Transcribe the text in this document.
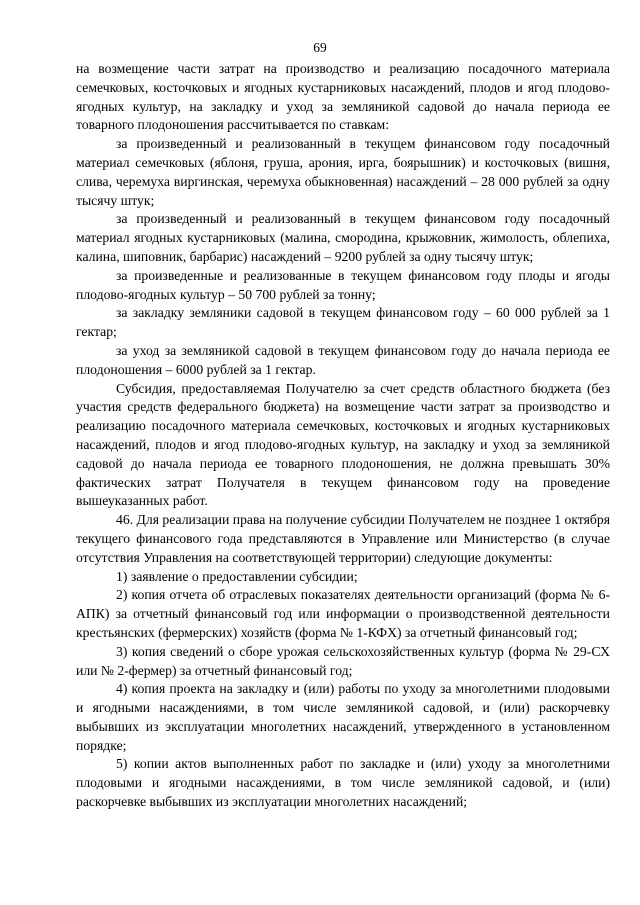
69

на возмещение части затрат на производство и реализацию посадочного материала семечковых, косточковых и ягодных кустарниковых насаждений, плодов и ягод плодово-ягодных культур, на закладку и уход за земляникой садовой до начала периода ее товарного плодоношения рассчитывается по ставкам:

за произведенный и реализованный в текущем финансовом году посадочный материал семечковых (яблоня, груша, арония, ирга, боярышник) и косточковых (вишня, слива, черемуха виргинская, черемуха обыкновенная) насаждений – 28 000 рублей за одну тысячу штук;

за произведенный и реализованный в текущем финансовом году посадочный материал ягодных кустарниковых (малина, смородина, крыжовник, жимолость, облепиха, калина, шиповник, барбарис) насаждений – 9200 рублей за одну тысячу штук;

за произведенные и реализованные в текущем финансовом году плоды и ягоды плодово-ягодных культур – 50 700 рублей за тонну;

за закладку земляники садовой в текущем финансовом году – 60 000 рублей за 1 гектар;

за уход за земляникой садовой в текущем финансовом году до начала периода ее плодоношения – 6000 рублей за 1 гектар.

Субсидия, предоставляемая Получателю за счет средств областного бюджета (без участия средств федерального бюджета) на возмещение части затрат за производство и реализацию посадочного материала семечковых, косточковых и ягодных кустарниковых насаждений, плодов и ягод плодово-ягодных культур, на закладку и уход за земляникой садовой до начала периода ее товарного плодоношения, не должна превышать 30% фактических затрат Получателя в текущем финансовом году на проведение вышеуказанных работ.

46. Для реализации права на получение субсидии Получателем не позднее 1 октября текущего финансового года представляются в Управление или Министерство (в случае отсутствия Управления на соответствующей территории) следующие документы:

1) заявление о предоставлении субсидии;

2) копия отчета об отраслевых показателях деятельности организаций (форма № 6-АПК) за отчетный финансовый год или информации о производственной деятельности крестьянских (фермерских) хозяйств (форма № 1-КФХ) за отчетный финансовый год;

3) копия сведений о сборе урожая сельскохозяйственных культур (форма № 29-СХ или № 2-фермер) за отчетный финансовый год;

4) копия проекта на закладку и (или) работы по уходу за многолетними плодовыми и ягодными насаждениями, в том числе земляникой садовой, и (или) раскорчевку выбывших из эксплуатации многолетних насаждений, утвержденного в установленном порядке;

5) копии актов выполненных работ по закладке и (или) уходу за многолетними плодовыми и ягодными насаждениями, в том числе земляникой садовой, и (или) раскорчевке выбывших из эксплуатации многолетних насаждений;
